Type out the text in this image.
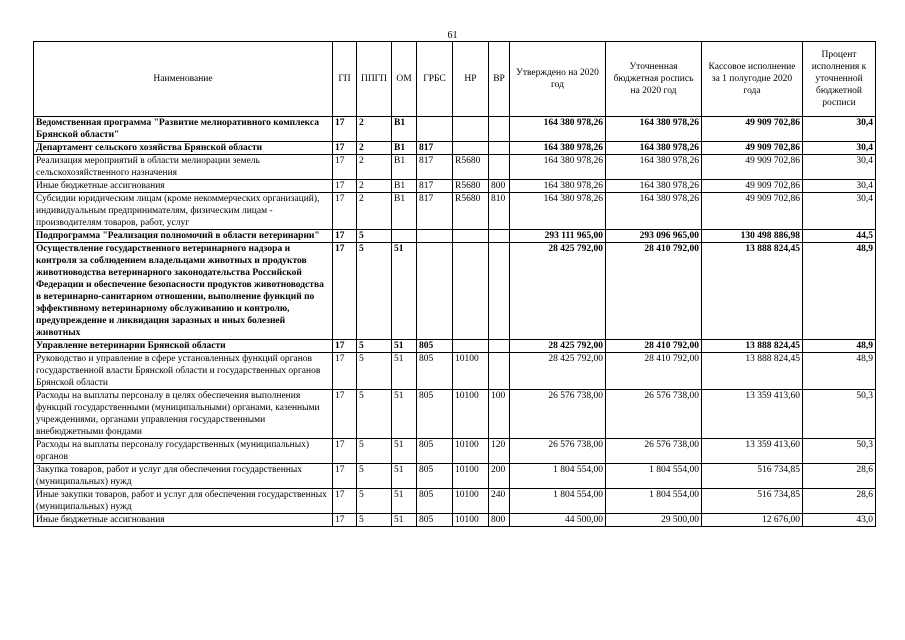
61
Наименование	ГП	ППГП	ОМ	ГРБС	НР	ВР	Утверждено на 2020 год	Уточненная бюджетная роспись на 2020 год	Кассовое исполнение за 1 полугодие 2020 года	Процент исполнения к уточненной бюджетной росписи
Ведомственная программа "Развитие мелиоративного комплекса Брянской области"	17	2	В1				164 380 978,26	164 380 978,26	49 909 702,86	30,4
Департамент сельского хозяйства Брянской области	17	2	В1	817			164 380 978,26	164 380 978,26	49 909 702,86	30,4
Реализация мероприятий в области мелиорации земель сельскохозяйственного назначения	17	2	В1	817	R5680		164 380 978,26	164 380 978,26	49 909 702,86	30,4
Иные бюджетные ассигнования	17	2	В1	817	R5680	800	164 380 978,26	164 380 978,26	49 909 702,86	30,4
Субсидии юридическим лицам (кроме некоммерческих организаций), индивидуальным предпринимателям, физическим лицам - производителям товаров, работ, услуг	17	2	В1	817	R5680	810	164 380 978,26	164 380 978,26	49 909 702,86	30,4
Подпрограмма "Реализация полномочий в области ветеринарии"	17	5					293 111 965,00	293 096 965,00	130 498 886,98	44,5
Осуществление государственного ветеринарного надзора и контроля за соблюдением владельцами животных и продуктов животноводства ветеринарного законодательства Российской Федерации и обеспечение безопасности продуктов животноводства в ветеринарно-санитарном отношении, выполнение функций по эффективному ветеринарному обслуживанию и контролю, предупреждение и ликвидация заразных и иных болезней животных	17	5	51				28 425 792,00	28 410 792,00	13 888 824,45	48,9
Управление ветеринарии Брянской области	17	5	51	805			28 425 792,00	28 410 792,00	13 888 824,45	48,9
Руководство и управление в сфере установленных функций органов государственной власти Брянской области и государственных органов Брянской области	17	5	51	805	10100		28 425 792,00	28 410 792,00	13 888 824,45	48,9
Расходы на выплаты персоналу в целях обеспечения выполнения функций государственными (муниципальными) органами, казенными учреждениями, органами управления государственными внебюджетными фондами	17	5	51	805	10100	100	26 576 738,00	26 576 738,00	13 359 413,60	50,3
Расходы на выплаты персоналу государственных (муниципальных) органов	17	5	51	805	10100	120	26 576 738,00	26 576 738,00	13 359 413,60	50,3
Закупка товаров, работ и услуг для обеспечения государственных (муниципальных) нужд	17	5	51	805	10100	200	1 804 554,00	1 804 554,00	516 734,85	28,6
Иные закупки товаров, работ и услуг для обеспечения государственных (муниципальных) нужд	17	5	51	805	10100	240	1 804 554,00	1 804 554,00	516 734,85	28,6
Иные бюджетные ассигнования	17	5	51	805	10100	800	44 500,00	29 500,00	12 676,00	43,0
